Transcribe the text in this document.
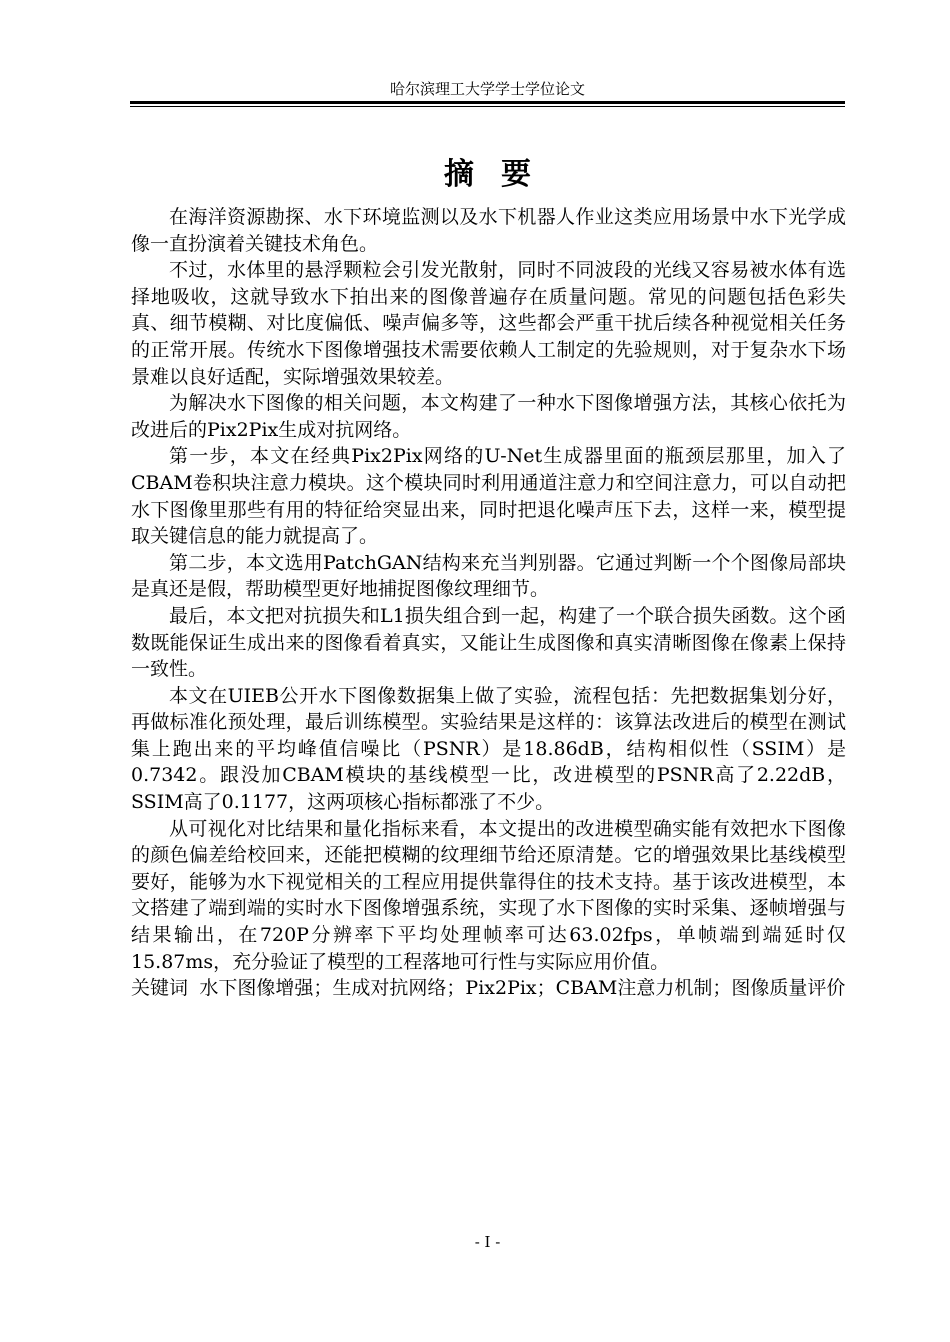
哈尔滨理工大学学士学位论文
摘要

在海洋资源勘探、水下环境监测以及水下机器人作业这类应用场景中水下光学成像一直扮演着关键技术角色。

不过，水体里的悬浮颗粒会引发光散射，同时不同波段的光线又容易被水体有选择地吸收，这就导致水下拍出来的图像普遍存在质量问题。常见的问题包括色彩失真、细节模糊、对比度偏低、噪声偏多等，这些都会严重干扰后续各种视觉相关任务的正常开展。传统水下图像增强技术需要依赖人工制定的先验规则，对于复杂水下场景难以良好适配，实际增强效果较差。

为解决水下图像的相关问题，本文构建了一种水下图像增强方法，其核心依托为改进后的Pix2Pix生成对抗网络。

第一步，本文在经典Pix2Pix网络的U-Net生成器里面的瓶颈层那里，加入了CBAM卷积块注意力模块。这个模块同时利用通道注意力和空间注意力，可以自动把水下图像里那些有用的特征给突显出来，同时把退化噪声压下去，这样一来，模型提取关键信息的能力就提高了。

第二步，本文选用PatchGAN结构来充当判别器。它通过判断一个个图像局部块是真还是假，帮助模型更好地捕捉图像纹理细节。

最后，本文把对抗损失和L1损失组合到一起，构建了一个联合损失函数。这个函数既能保证生成出来的图像看着真实，又能让生成图像和真实清晰图像在像素上保持一致性。

本文在UIEB公开水下图像数据集上做了实验，流程包括：先把数据集划分好，再做标准化预处理，最后训练模型。实验结果是这样的：该算法改进后的模型在测试集上跑出来的平均峰值信噪比（PSNR）是18.86dB，结构相似性（SSIM）是0.7342。跟没加CBAM模块的基线模型一比，改进模型的PSNR高了2.22dB，SSIM高了0.1177，这两项核心指标都涨了不少。

从可视化对比结果和量化指标来看，本文提出的改进模型确实能有效把水下图像的颜色偏差给校回来，还能把模糊的纹理细节给还原清楚。它的增强效果比基线模型要好，能够为水下视觉相关的工程应用提供靠得住的技术支持。基于该改进模型，本文搭建了端到端的实时水下图像增强系统，实现了水下图像的实时采集、逐帧增强与结果输出，在720P分辨率下平均处理帧率可达63.02fps，单帧端到端延时仅15.87ms，充分验证了模型的工程落地可行性与实际应用价值。

关键词 水下图像增强；生成对抗网络；Pix2Pix；CBAM注意力机制；图像质量评价
- I -
